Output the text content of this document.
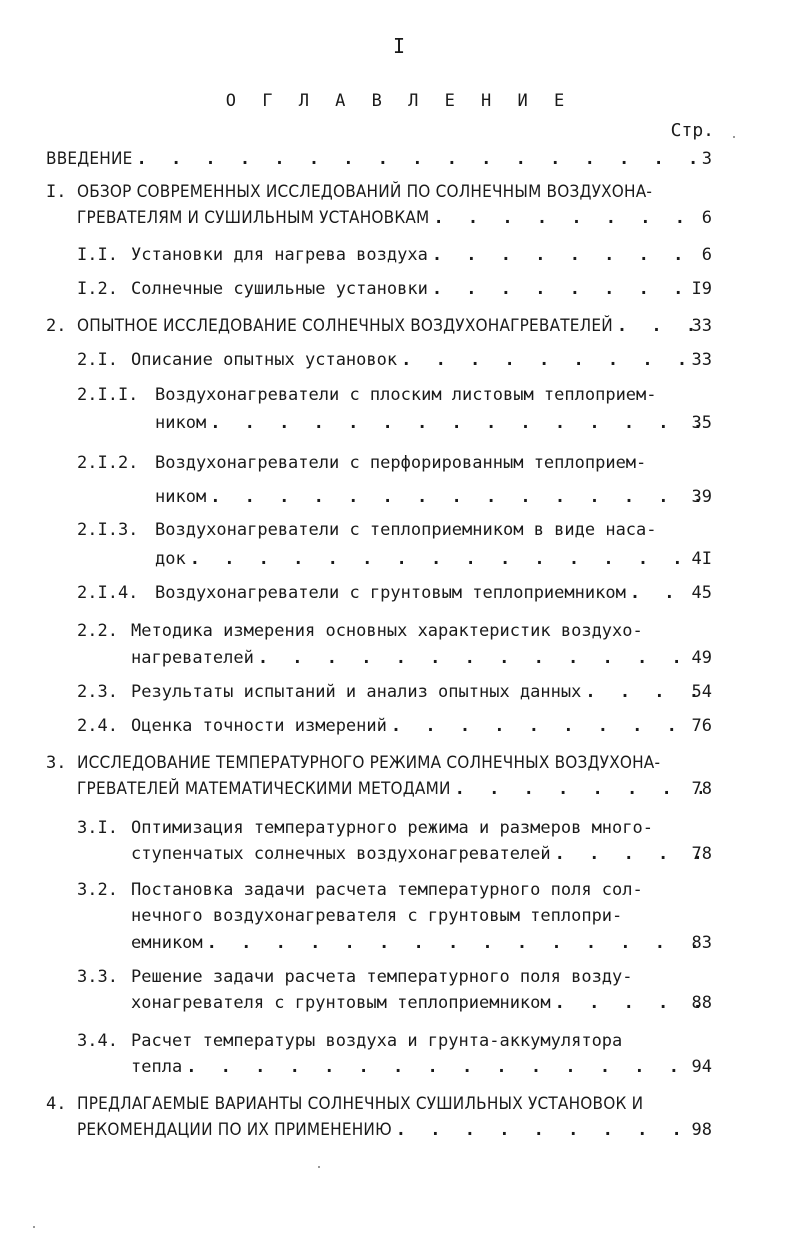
I
О Г Л А В Л Е Н И Е
Стр.
ВВЕДЕНИЕ . . .	3
I. ОБЗОР СОВРЕМЕННЫХ ИССЛЕДОВАНИЙ ПО СОЛНЕЧНЫМ ВОЗДУХОНА-
ГРЕВАТЕЛЯМ И СУШИЛЬНЫМ УСТАНОВКАМ . . .	6
I.I. Установки для нагрева воздуха . . .	6
I.2. Солнечные сушильные установки . . .	I9
2. ОПЫТНОЕ ИССЛЕДОВАНИЕ СОЛНЕЧНЫХ ВОЗДУХОНАГРЕВАТЕЛЕЙ . . .	33
2.I. Описание опытных установок . . .	33
2.I.I. Воздухонагреватели с плоским листовым теплоприем-
ником . . .	35
2.I.2. Воздухонагреватели с перфорированным теплоприем-
ником . . .	39
2.I.3. Воздухонагреватели с теплоприемником в виде наса-
док . . .	4I
2.I.4. Воздухонагреватели с грунтовым теплоприемником . . .	45
2.2. Методика измерения основных характеристик воздухо-
нагревателей . . .	49
2.3. Результаты испытаний и анализ опытных данных . . .	54
2.4. Оценка точности измерений . . .	76
3. ИССЛЕДОВАНИЕ ТЕМПЕРАТУРНОГО РЕЖИМА СОЛНЕЧНЫХ ВОЗДУХОНА-
ГРЕВАТЕЛЕЙ МАТЕМАТИЧЕСКИМИ МЕТОДАМИ . . .	78
3.I. Оптимизация температурного режима и размеров много-
ступенчатых солнечных воздухонагревателей . . .	78
3.2. Постановка задачи расчета температурного поля сол-
нечного воздухонагревателя с грунтовым теплопри-
емником . . .	83
3.3. Решение задачи расчета температурного поля возду-
хонагревателя с грунтовым теплоприемником . . .	88
3.4. Расчет температуры воздуха и грунта-аккумулятора
тепла . . .	94
4. ПРЕДЛАГАЕМЫЕ ВАРИАНТЫ СОЛНЕЧНЫХ СУШИЛЬНЫХ УСТАНОВОК И
РЕКОМЕНДАЦИИ ПО ИХ ПРИМЕНЕНИЮ . . .	98
